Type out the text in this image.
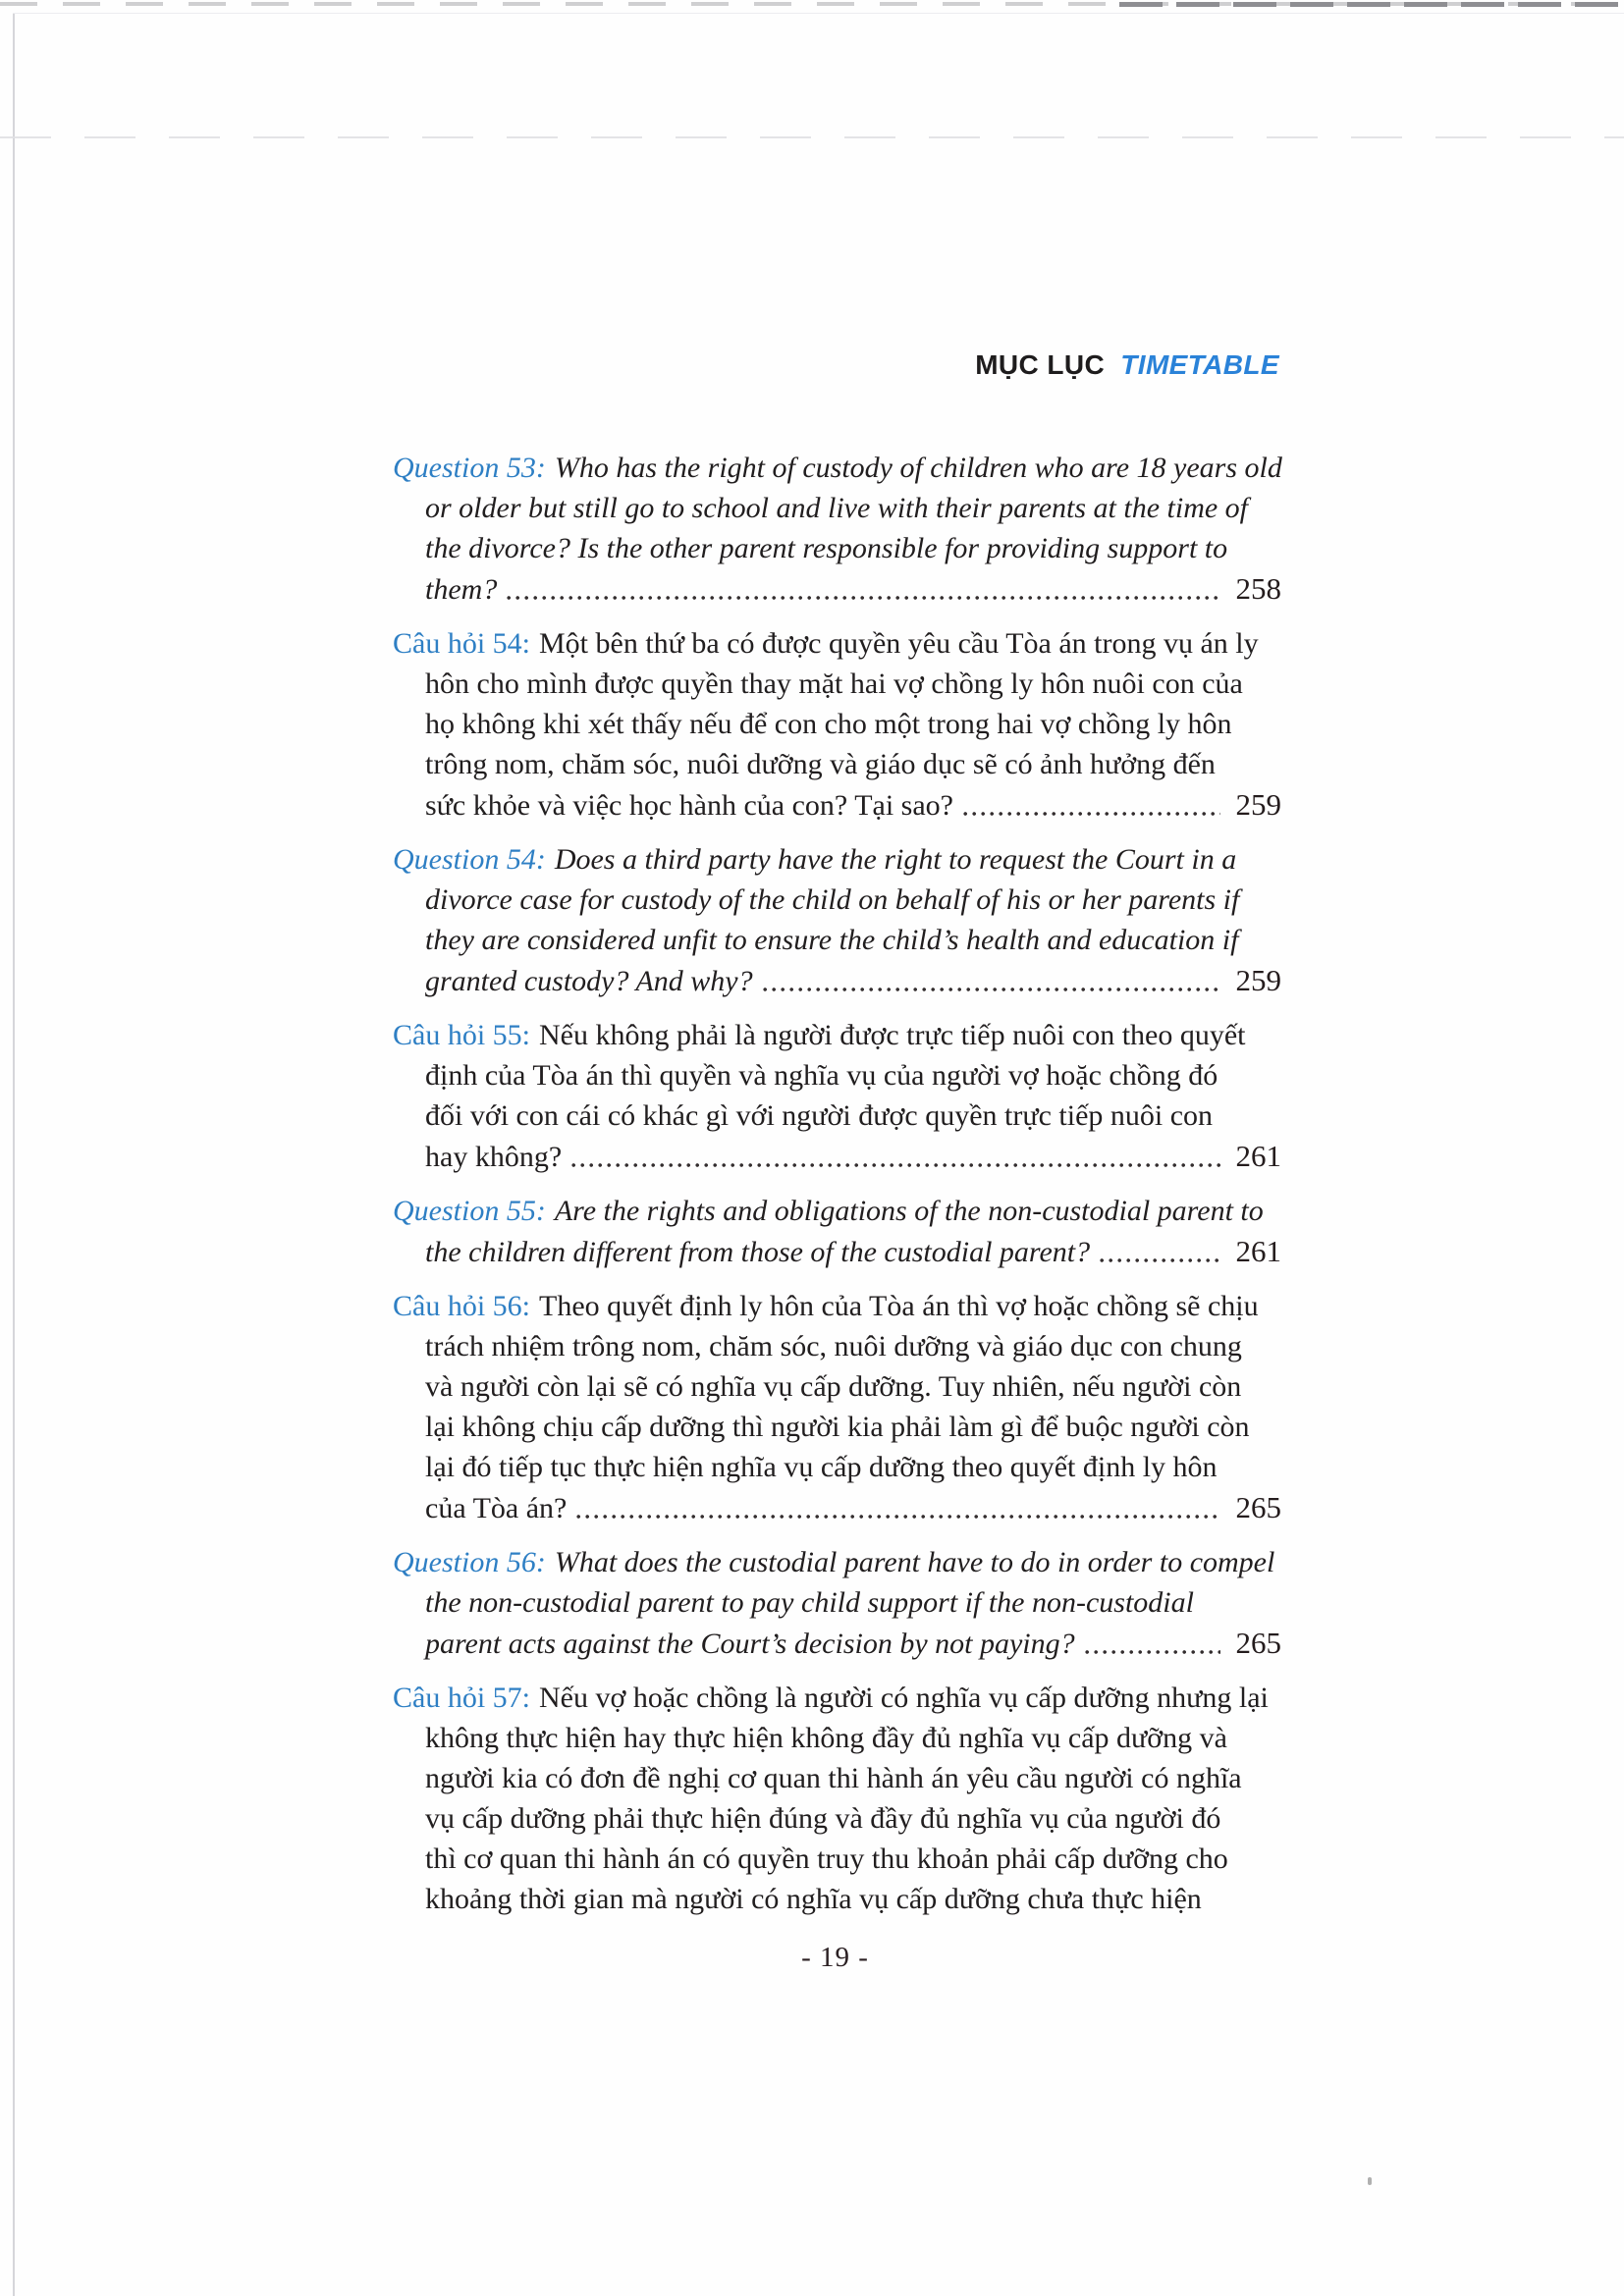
MỤC LỤC TIMETABLE
Question 53: Who has the right of custody of children who are 18 years old
or older but still go to school and live with their parents at the time of
the divorce? Is the other parent responsible for providing support to
them?	258
Câu hỏi 54: Một bên thứ ba có được quyền yêu cầu Tòa án trong vụ án ly
hôn cho mình được quyền thay mặt hai vợ chồng ly hôn nuôi con của
họ không khi xét thấy nếu để con cho một trong hai vợ chồng ly hôn
trông nom, chăm sóc, nuôi dưỡng và giáo dục sẽ có ảnh hưởng đến
sức khỏe và việc học hành của con? Tại sao?	259
Question 54: Does a third party have the right to request the Court in a
divorce case for custody of the child on behalf of his or her parents if
they are considered unfit to ensure the child’s health and education if
granted custody? And why?	259
Câu hỏi 55: Nếu không phải là người được trực tiếp nuôi con theo quyết
định của Tòa án thì quyền và nghĩa vụ của người vợ hoặc chồng đó
đối với con cái có khác gì với người được quyền trực tiếp nuôi con
hay không?	261
Question 55: Are the rights and obligations of the non-custodial parent to
the children different from those of the custodial parent?	261
Câu hỏi 56: Theo quyết định ly hôn của Tòa án thì vợ hoặc chồng sẽ chịu
trách nhiệm trông nom, chăm sóc, nuôi dưỡng và giáo dục con chung
và người còn lại sẽ có nghĩa vụ cấp dưỡng. Tuy nhiên, nếu người còn
lại không chịu cấp dưỡng thì người kia phải làm gì để buộc người còn
lại đó tiếp tục thực hiện nghĩa vụ cấp dưỡng theo quyết định ly hôn
của Tòa án?	265
Question 56: What does the custodial parent have to do in order to compel
the non-custodial parent to pay child support if the non-custodial
parent acts against the Court’s decision by not paying?	265
Câu hỏi 57: Nếu vợ hoặc chồng là người có nghĩa vụ cấp dưỡng nhưng lại
không thực hiện hay thực hiện không đầy đủ nghĩa vụ cấp dưỡng và
người kia có đơn đề nghị cơ quan thi hành án yêu cầu người có nghĩa
vụ cấp dưỡng phải thực hiện đúng và đầy đủ nghĩa vụ của người đó
thì cơ quan thi hành án có quyền truy thu khoản phải cấp dưỡng cho
khoảng thời gian mà người có nghĩa vụ cấp dưỡng chưa thực hiện
- 19 -
